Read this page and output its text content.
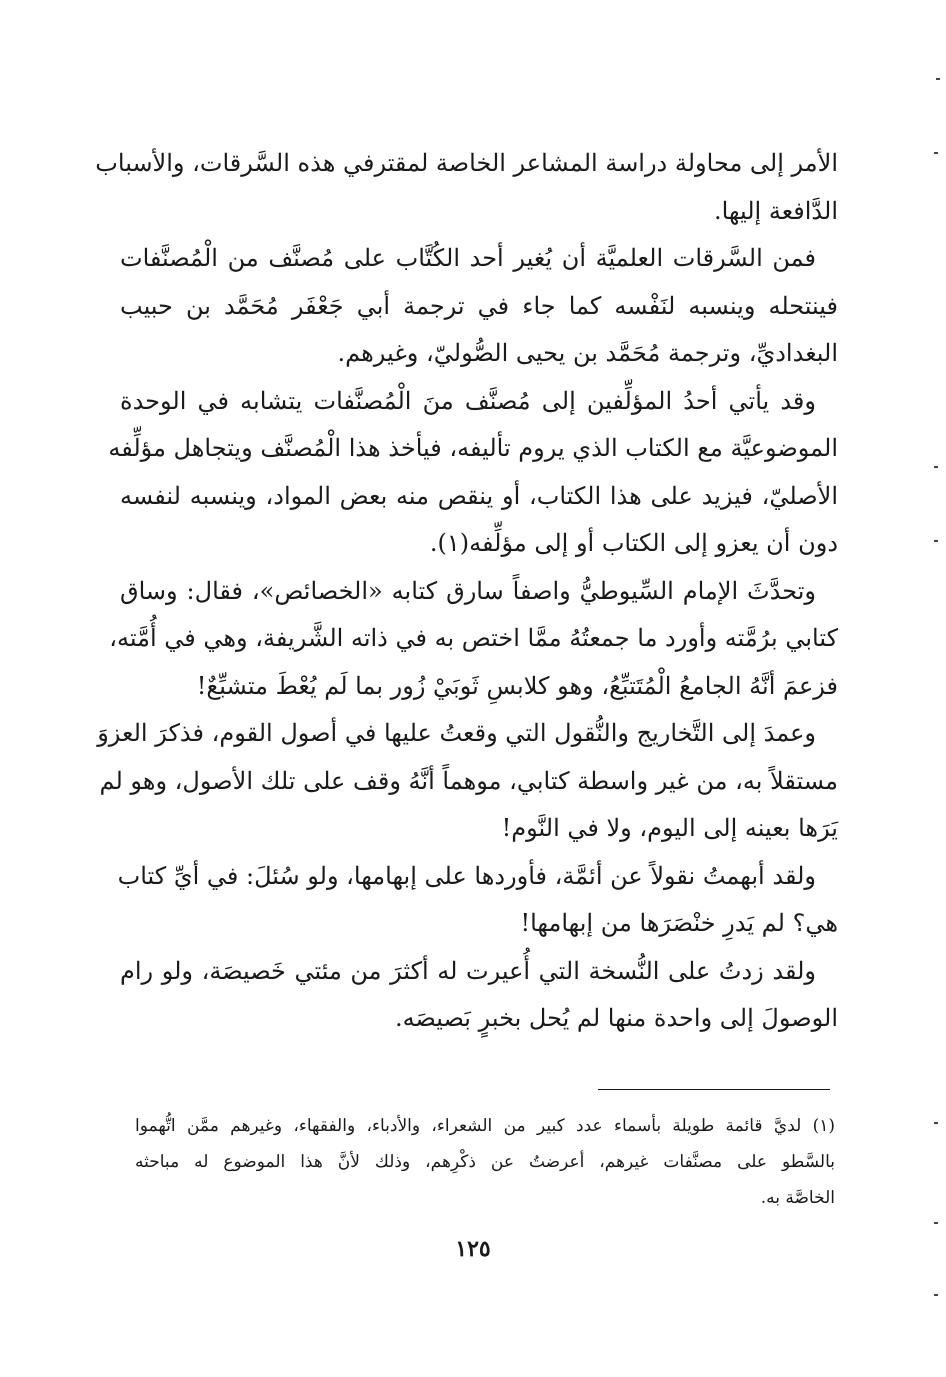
الأمر إلى محاولة دراسة المشاعر الخاصة لمقترفي هذه السَّرقات، والأسباب
الدَّافعة إليها.
فمن السَّرقات العلميَّة أن يُغير أحد الكُتَّاب على مُصنَّف من الْمُصنَّفات
فينتحله وينسبه لنَفْسه كما جاء في ترجمة أبي جَعْفَر مُحَمَّد بن حبيب
البغداديِّ، وترجمة مُحَمَّد بن يحيى الصُّوليّ، وغيرهم.
وقد يأتي أحدُ المؤلِّفين إلى مُصنَّف منَ الْمُصنَّفات يتشابه في الوحدة
الموضوعيَّة مع الكتاب الذي يروم تأليفه، فيأخذ هذا الْمُصنَّف ويتجاهل مؤلِّفه
الأصليّ، فيزيد على هذا الكتاب، أو ينقص منه بعض المواد، وينسبه لنفسه
دون أن يعزو إلى الكتاب أو إلى مؤلِّفه(١).
وتحدَّثَ الإمام السِّيوطيُّ واصفاً سارق كتابه «الخصائص»، فقال: وساق
كتابي برُمَّته وأورد ما جمعتُهُ ممَّا اختص به في ذاته الشَّريفة، وهي في أُمَّته،
فزعمَ أنَّهُ الجامعُ الْمُتَتبِّعُ، وهو كلابسِ ثَوبَيْ زُور بما لَم يُعْطَ متشبِّعٌ!
وعمدَ إلى التَّخاريج والنُّقول التي وقعتُ عليها في أصول القوم، فذكرَ العزوَ
مستقلاً به، من غير واسطة كتابي، موهماً أنَّهُ وقف على تلك الأصول، وهو لم
يَرَها بعينه إلى اليوم، ولا في النَّوم!
ولقد أبهمتُ نقولاً عن أئمَّة، فأوردها على إبهامها، ولو سُئلَ: في أيِّ كتاب
هي؟ لم يَدرِ خنْصَرَها من إبهامها!
ولقد زدتُ على النُّسخة التي أُعيرت له أكثرَ من مئتي خَصيصَة، ولو رام
الوصولَ إلى واحدة منها لم يُحل بخبرٍ بَصيصَه.
(١) لديَّ قائمة طويلة بأسماء عدد كبير من الشعراء، والأدباء، والفقهاء، وغيرهم ممَّن اتُّهموا
بالسَّطو على مصنَّفات غيرهم، أعرضتُ عن ذكْرِهم، وذلك لأنَّ هذا الموضوع له مباحثه
الخاصَّة به.
١٢٥
